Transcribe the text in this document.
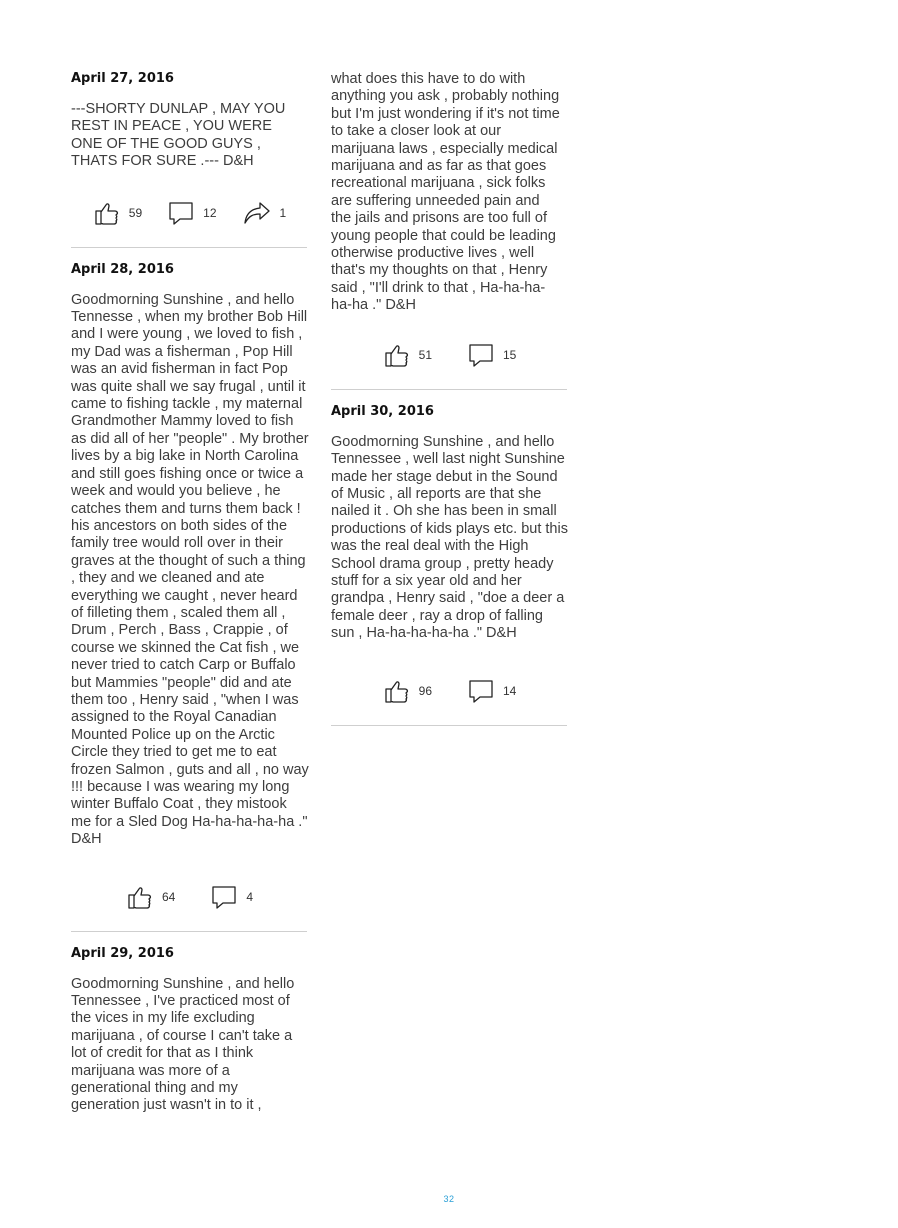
April 27, 2016

---SHORTY DUNLAP , MAY YOU REST IN PEACE , YOU WERE ONE OF THE GOOD GUYS , THATS FOR SURE .--- D&H

59	12	1
April 28, 2016

Goodmorning Sunshine , and hello Tennesse , when my brother Bob Hill and I were young , we loved to fish , my Dad was a fisherman , Pop Hill was an avid fisherman in fact Pop was quite shall we say frugal , until it came to fishing tackle , my maternal Grandmother Mammy loved to fish as did all of her "people" . My brother lives by a big lake in North Carolina and still goes fishing once or twice a week and would you believe , he catches them and turns them back ! his ancestors on both sides of the family tree would roll over in their graves at the thought of such a thing , they and we cleaned and ate everything we caught , never heard of filleting them , scaled them all , Drum , Perch , Bass , Crappie , of course we skinned the Cat fish , we never tried to catch Carp or Buffalo but Mammies "people" did and ate them too , Henry said , "when I was assigned to the Royal Canadian Mounted Police up on the Arctic Circle they tried to get me to eat frozen Salmon , guts and all , no way !!! because I was wearing my long winter Buffalo Coat , they mistook me for a Sled Dog Ha-ha-ha-ha-ha ." D&H

64	4
April 29, 2016

Goodmorning Sunshine , and hello Tennessee , I've practiced most of the vices in my life excluding marijuana , of course I can't take a lot of credit for that as I think marijuana was more of a generational thing and my generation just wasn't in to it ,

what does this have to do with anything you ask , probably nothing but I'm just wondering if it's not time to take a closer look at our marijuana laws , especially medical marijuana and as far as that goes recreational marijuana , sick folks are suffering unneeded pain and the jails and prisons are too full of young people that could be leading otherwise productive lives , well that's my thoughts on that , Henry said , "I'll drink to that , Ha-ha-ha-ha-ha ." D&H

51	15
April 30, 2016

Goodmorning Sunshine , and hello Tennessee , well last night Sunshine made her stage debut in the Sound of Music , all reports are that she nailed it . Oh she has been in small productions of kids plays etc. but this was the real deal with the High School drama group , pretty heady stuff for a six year old and her grandpa , Henry said , "doe a deer a female deer , ray a drop of falling sun , Ha-ha-ha-ha-ha ." D&H

96	14
32
